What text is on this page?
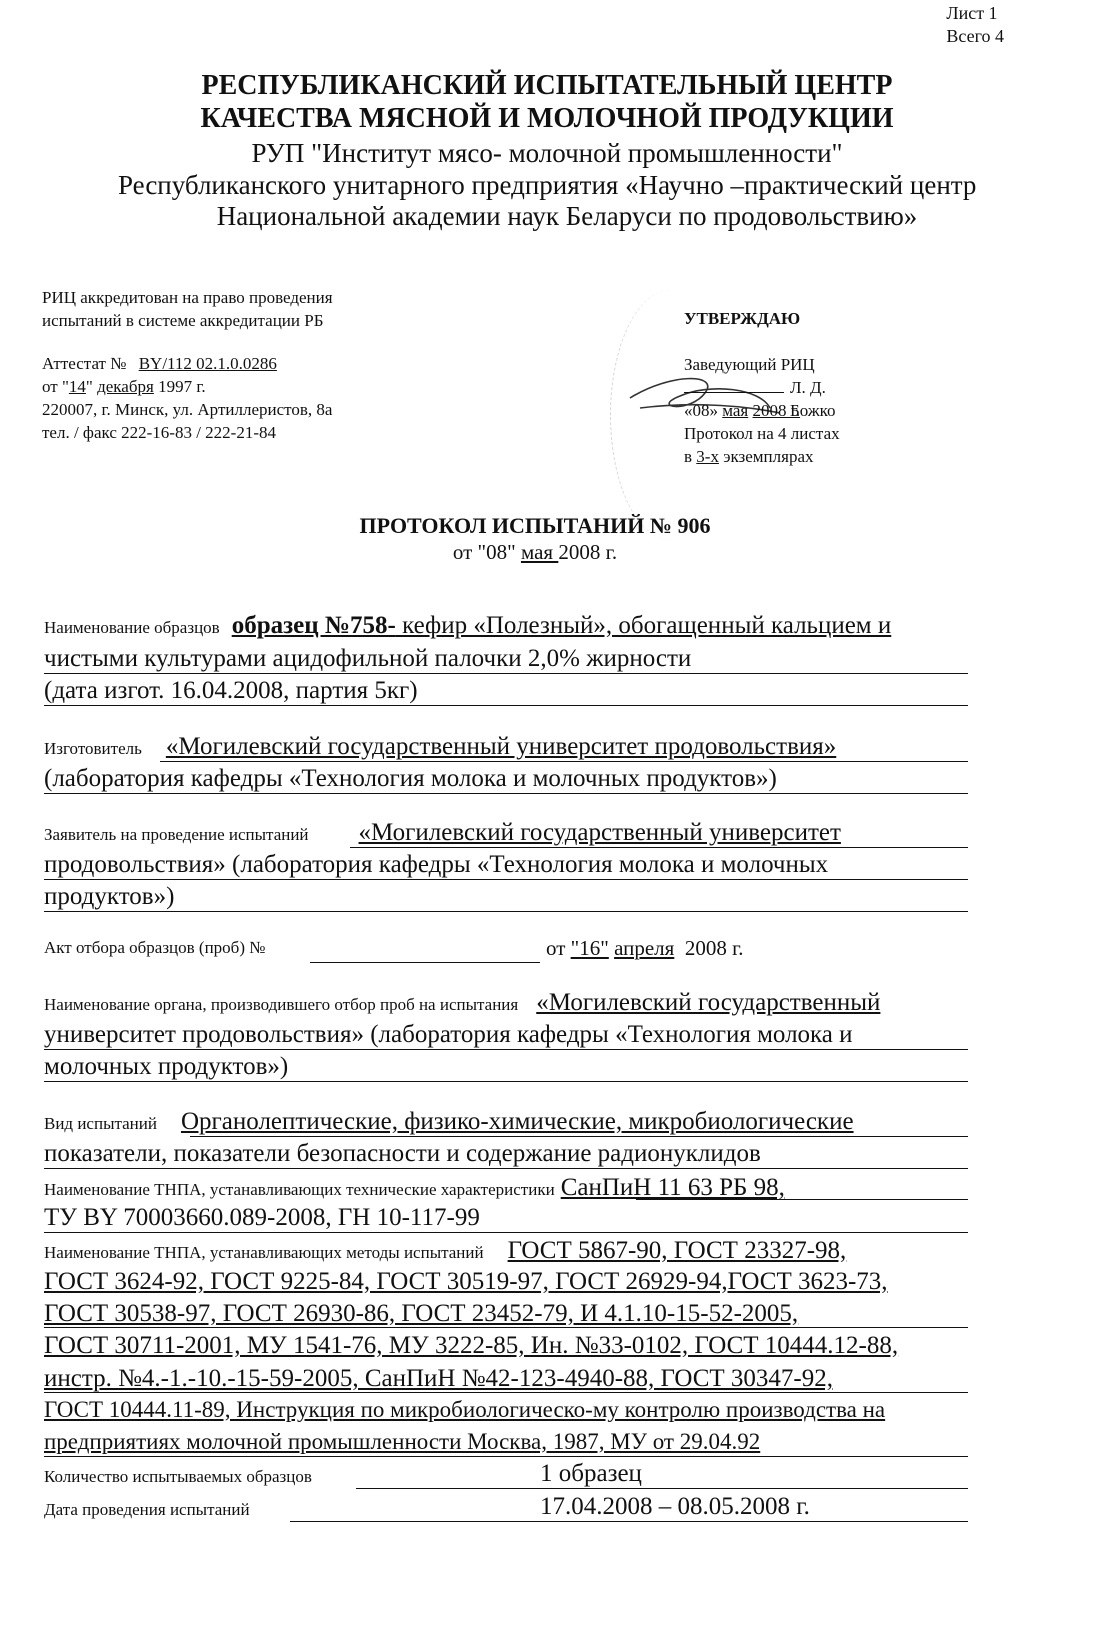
Лист 1
Всего 4
РЕСПУБЛИКАНСКИЙ ИСПЫТАТЕЛЬНЫЙ ЦЕНТР
КАЧЕСТВА МЯСНОЙ И МОЛОЧНОЙ ПРОДУКЦИИ
РУП "Институт мясо- молочной промышленности"
Республиканского унитарного предприятия «Научно –практический центр
Национальной академии наук Беларуси по продовольствию»
РИЦ аккредитован на право проведения
испытаний в системе аккредитации РБ
Аттестат № BY/112 02.1.0.0286
от "14" декабря 1997 г.
220007, г. Минск, ул. Артиллеристов, 8а
тел. / факс 222-16-83 / 222-21-84
УТВЕРЖДАЮ
Заведующий РИЦ
Л. Д. Божко
«08» мая 2008 г.
Протокол на 4 листах
в 3-х экземплярах
ПРОТОКОЛ ИСПЫТАНИЙ № 906
от "08" мая 2008 г.
Наименование образцов образец №758- кефир «Полезный», обогащенный кальцием и
чистыми культурами ацидофильной палочки 2,0% жирности
(дата изгот. 16.04.2008, партия 5кг)
Изготовитель «Могилевский государственный университет продовольствия»
(лаборатория кафедры «Технология молока и молочных продуктов»)
Заявитель на проведение испытаний «Могилевский государственный университет
продовольствия» (лаборатория кафедры «Технология молока и молочных
продуктов»)
Акт отбора образцов (проб) №	от "16" апреля 2008 г.
Наименование органа, производившего отбор проб на испытания «Могилевский государственный
университет продовольствия» (лаборатория кафедры «Технология молока и
молочных продуктов»)
Вид испытаний Органолептические, физико-химические, микробиологические
показатели, показатели безопасности и содержание радионуклидов
Наименование ТНПА, устанавливающих технические характеристики СанПиН 11 63 РБ 98,
ТУ BY 70003660.089-2008, ГН 10-117-99
Наименование ТНПА, устанавливающих методы испытаний ГОСТ 5867-90, ГОСТ 23327-98,
ГОСТ 3624-92, ГОСТ 9225-84, ГОСТ 30519-97, ГОСТ 26929-94,ГОСТ 3623-73,
ГОСТ 30538-97, ГОСТ 26930-86, ГОСТ 23452-79, И 4.1.10-15-52-2005,
ГОСТ 30711-2001, МУ 1541-76, МУ 3222-85, Ин. №33-0102, ГОСТ 10444.12-88,
инстр. №4.-1.-10.-15-59-2005, СанПиН №42-123-4940-88, ГОСТ 30347-92,
ГОСТ 10444.11-89, Инструкция по микробиологическо-му контролю производства на
предприятиях молочной промышленности Москва, 1987, МУ от 29.04.92
Количество испытываемых образцов	1 образец
Дата проведения испытаний	17.04.2008 – 08.05.2008 г.
